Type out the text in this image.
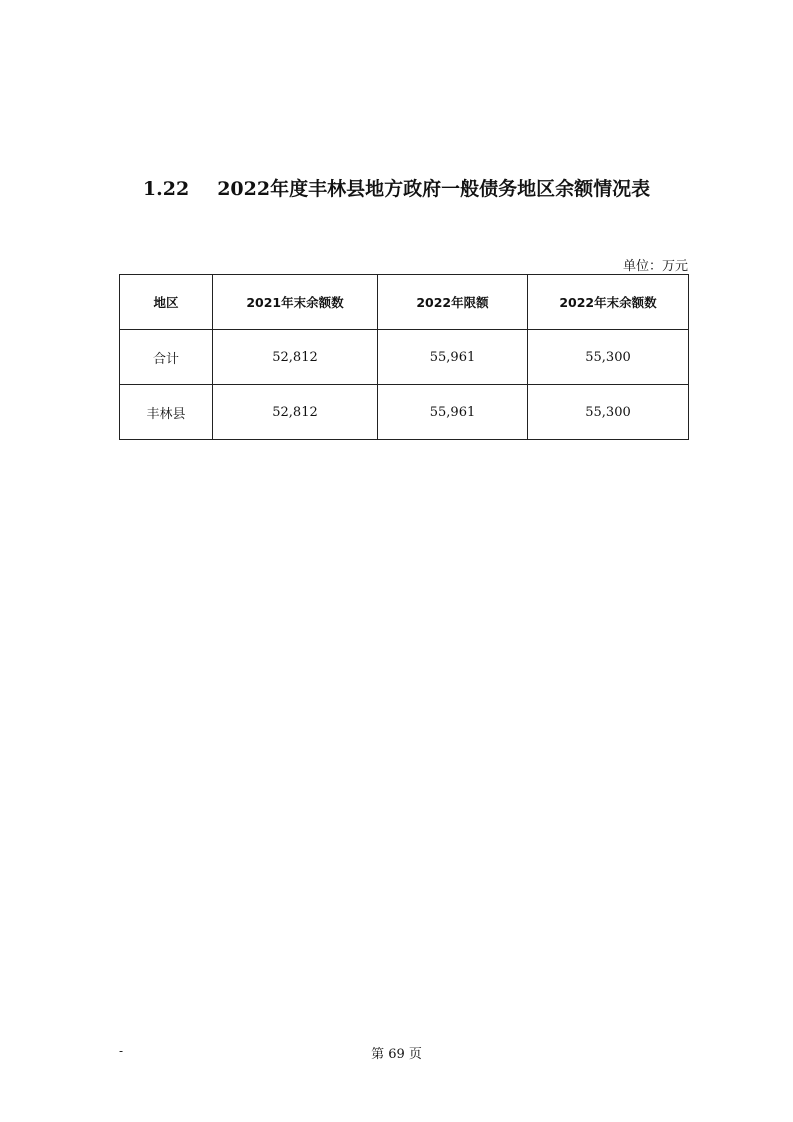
1.22 2022年度丰林县地方政府一般债务地区余额情况表
单位：万元
地区	2021年末余额数	2022年限额	2022年末余额数
合计	52,812	55,961	55,300
丰林县	52,812	55,961	55,300
-	第 69 页
